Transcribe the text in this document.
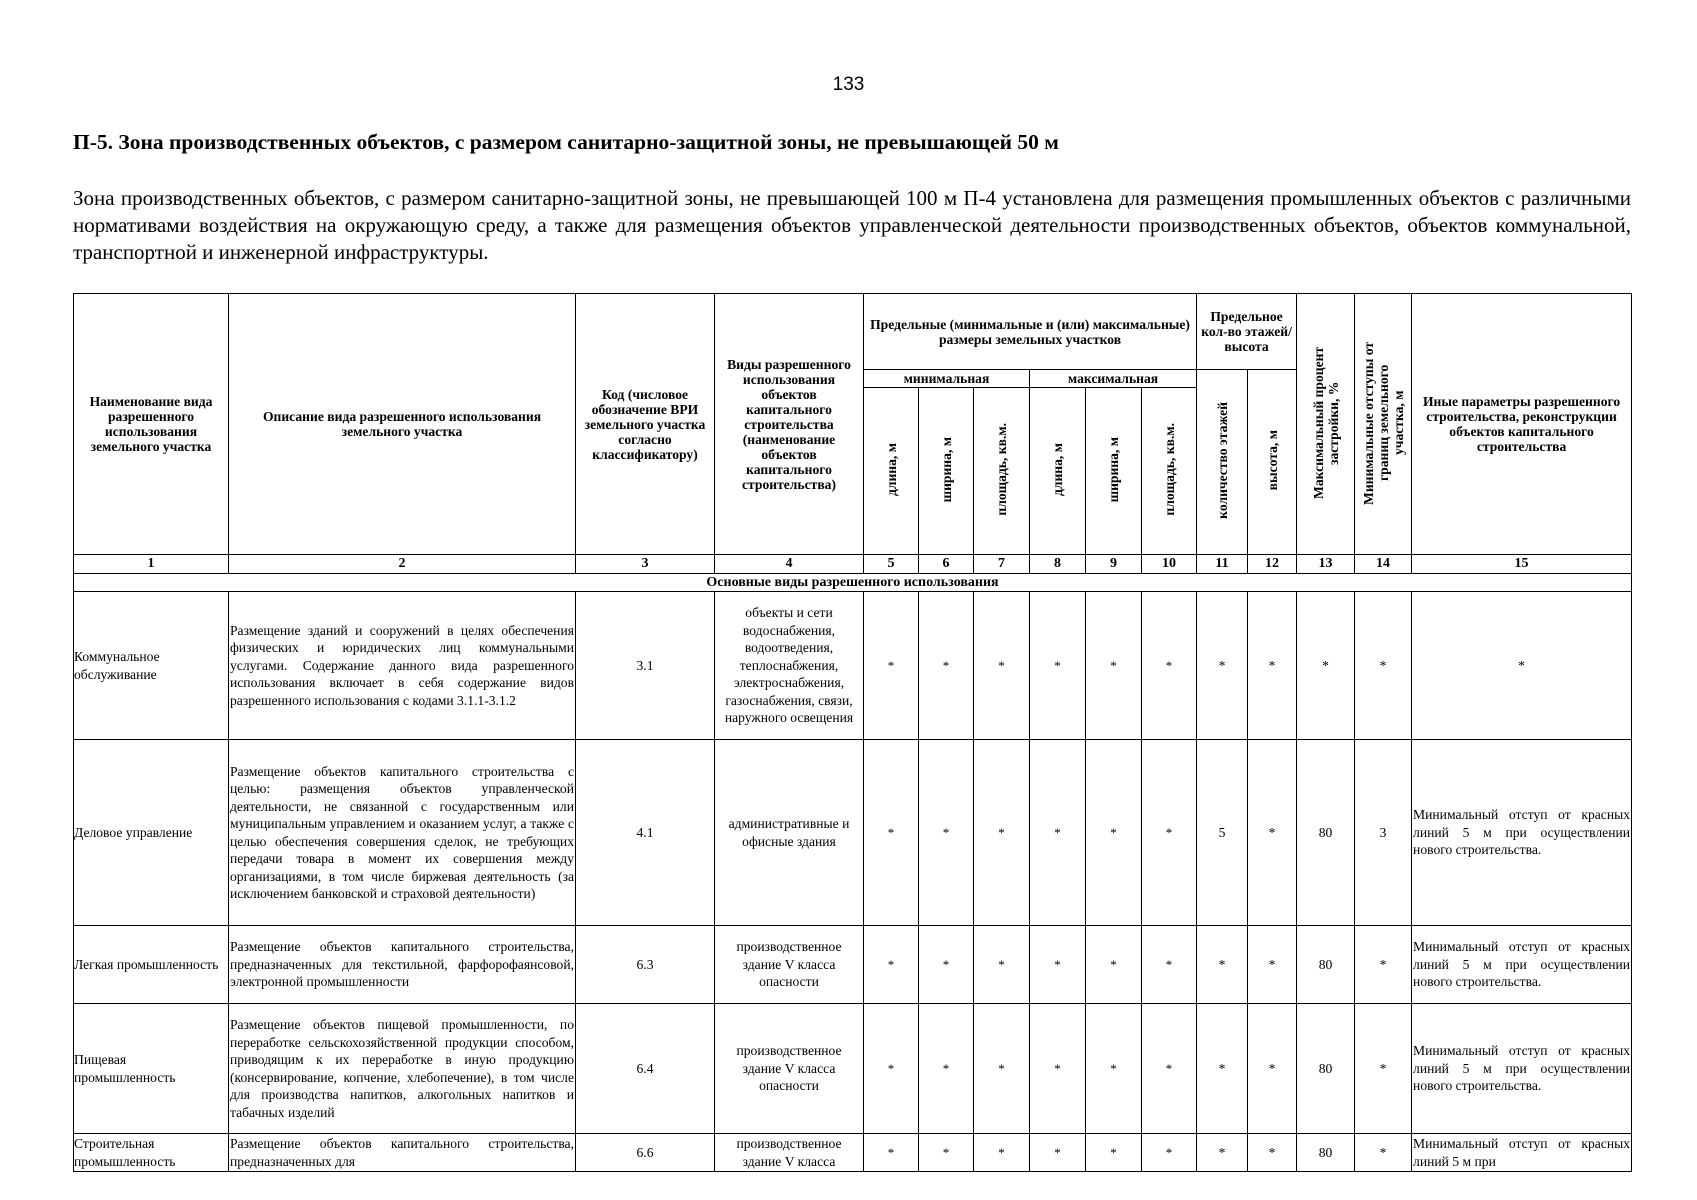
133
П-5. Зона производственных объектов, с размером санитарно-защитной зоны, не превышающей 50 м
Зона производственных объектов, с размером санитарно-защитной зоны, не превышающей 100 м П-4 установлена для размещения промышленных объектов с различными нормативами воздействия на окружающую среду, а также для размещения объектов управленческой деятельности производственных объектов, объектов коммунальной, транспортной и инженерной инфраструктуры.
Наименование вида разрешенного использования земельного участка	Описание вида разрешенного использования земельного участка	Код (числовое обозначение ВРИ земельного участка согласно классификатору)	Виды разрешенного использования объектов капитального строительства (наименование объектов капитального строительства)	Предельные (минимальные и (или) максимальные) размеры земельных участков						Предельное кол-во этажей/ высота		Максимальный процент застройки, %	Минимальные отступы от границ земельного участка, м	Иные параметры разрешенного строительства, реконструкции объектов капитального строительства
				минимальная			максимальная			количество этажей	высота, м			
				длина, м	ширина, м	площадь, кв.м.	длина, м	ширина, м	площадь, кв.м.					
1	2	3	4	5	6	7	8	9	10	11	12	13	14	15
Основные виды разрешенного использования														
Коммунальное обслуживание	Размещение зданий и сооружений в целях обеспечения физических и юридических лиц коммунальными услугами. Содержание данного вида разрешенного использования включает в себя содержание видов разрешенного использования с кодами 3.1.1-3.1.2	3.1	объекты и сети водоснабжения, водоотведения, теплоснабжения, электроснабжения, газоснабжения, связи, наружного освещения	*	*	*	*	*	*	*	*	*	*	*
Деловое управление	Размещение объектов капитального строительства с целью: размещения объектов управленческой деятельности, не связанной с государственным или муниципальным управлением и оказанием услуг, а также с целью обеспечения совершения сделок, не требующих передачи товара в момент их совершения между организациями, в том числе биржевая деятельность (за исключением банковской и страховой деятельности)	4.1	административные и офисные здания	*	*	*	*	*	*	5	*	80	3	Минимальный отступ от красных линий 5 м при осуществлении нового строительства.
Легкая промышленность	Размещение объектов капитального строительства, предназначенных для текстильной, фарфорофаянсовой, электронной промышленности	6.3	производственное здание V класса опасности	*	*	*	*	*	*	*	*	80	*	Минимальный отступ от красных линий 5 м при осуществлении нового строительства.
Пищевая промышленность	Размещение объектов пищевой промышленности, по переработке сельскохозяйственной продукции способом, приводящим к их переработке в иную продукцию (консервирование, копчение, хлебопечение), в том числе для производства напитков, алкогольных напитков и табачных изделий	6.4	производственное здание V класса опасности	*	*	*	*	*	*	*	*	80	*	Минимальный отступ от красных линий 5 м при осуществлении нового строительства.
Строительная промышленность	Размещение объектов капитального строительства, предназначенных для	6.6	производственное здание V класса	*	*	*	*	*	*	*	*	80	*	Минимальный отступ от красных линий 5 м при
